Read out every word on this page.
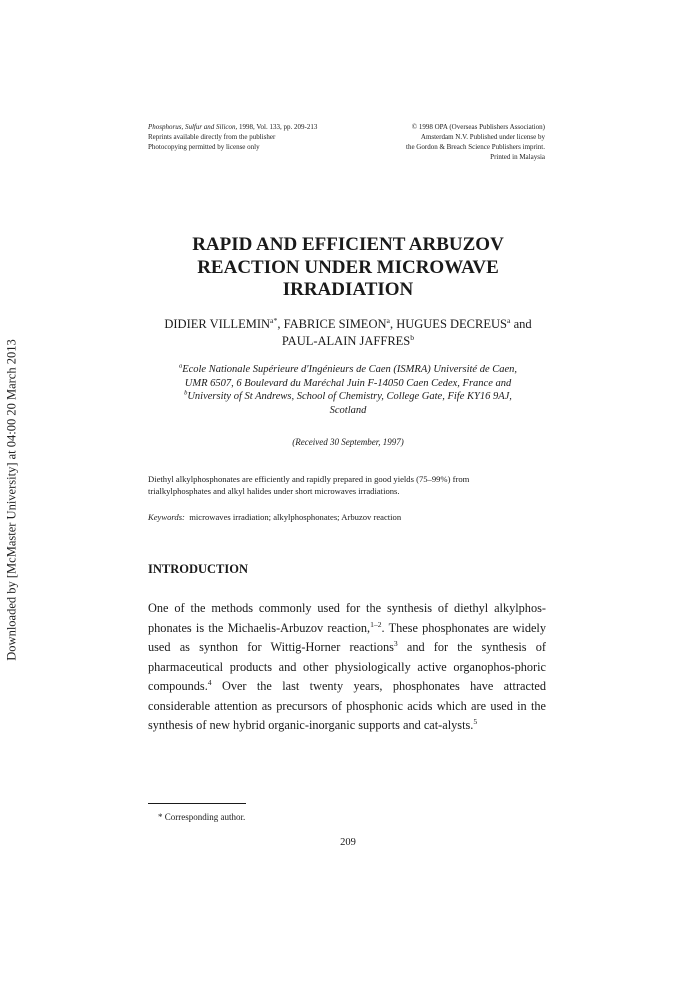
Downloaded by [McMaster University] at 04:00 20 March 2013
Phosphorus, Sulfur and Silicon, 1998, Vol. 133, pp. 209-213
Reprints available directly from the publisher
Photocopying permitted by license only
© 1998 OPA (Overseas Publishers Association)
Amsterdam N.V. Published under license by
the Gordon & Breach Science Publishers imprint.
Printed in Malaysia
RAPID AND EFFICIENT ARBUZOV
REACTION UNDER MICROWAVE
IRRADIATION
DIDIER $VILLEMIN^{a*}$, FABRICE SIMEON$^a$, HUGUES DECREUS$^a$ and
PAUL-ALAIN JAFFRES$^b$
$^a$Ecole Nationale Supérieure d'Ingénieurs de Caen (ISMRA) Université de Caen,
UMR 6507, 6 Boulevard du Maréchal Juin F-14050 Caen Cedex, France and
$^b$University of St Andrews, School of Chemistry, College Gate, Fife KY16 9AJ,
Scotland
(Received 30 September, 1997)
Diethyl alkylphosphonates are efficiently and rapidly prepared in good yields (75–99%) from
trialkylphosphates and alkyl halides under short microwaves irradiations.
Keywords:  microwaves irradiation; alkylphosphonates; Arbuzov reaction
INTRODUCTION

One of the methods commonly used for the synthesis of diethyl alkylphos-phonates is the Michaelis-Arbuzov reaction,$^{1-2}$. These phosphonates are widely used as synthon for Wittig-Horner reactions$^3$ and for the synthesis of pharmaceutical products and other physiologically active organophos-phoric compounds.$^4$ Over the last twenty years, phosphonates have attracted considerable attention as precursors of phosphonic acids which are used in the synthesis of new hybrid organic-inorganic supports and cat-alysts.$^5$

* Corresponding author.
209
